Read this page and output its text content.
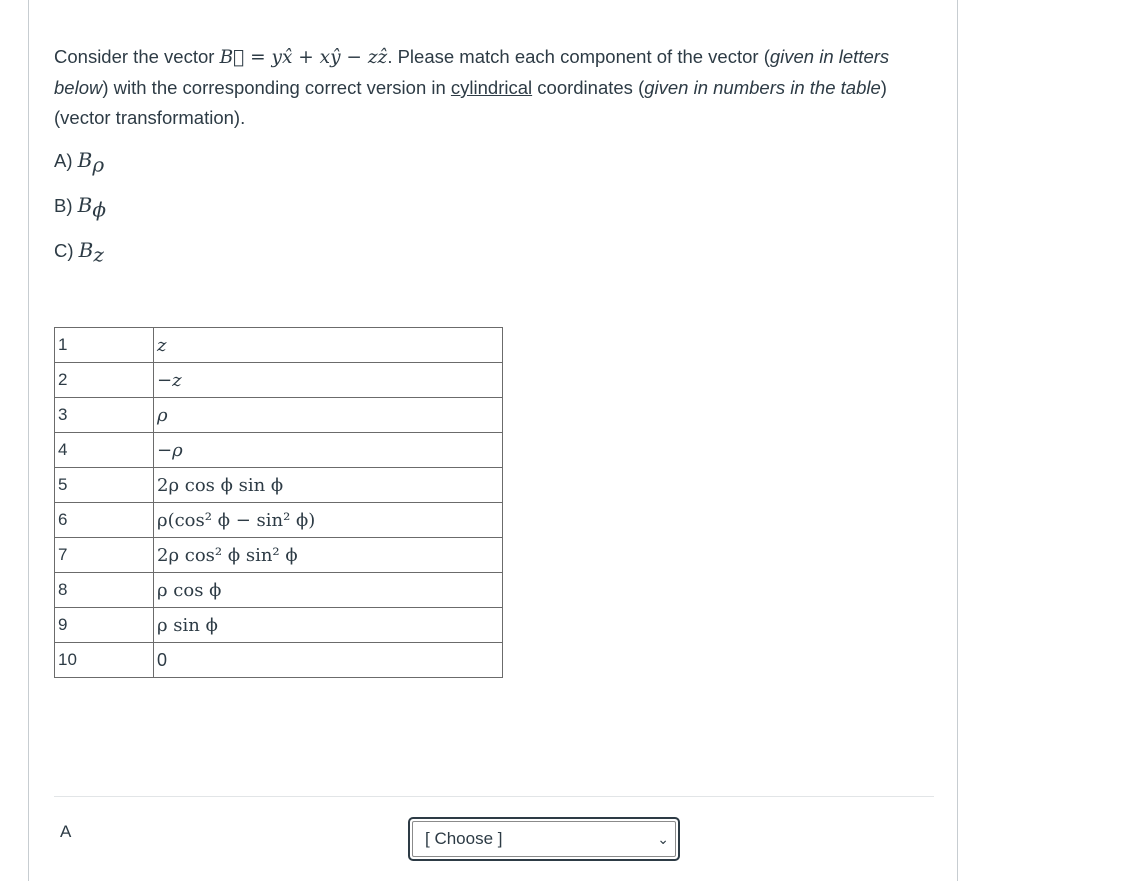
Consider the vector B⃗ = yx̂ + xŷ − zẑ. Please match each component of the vector (given in letters below) with the corresponding correct version in cylindrical coordinates (given in numbers in the table) (vector transformation).
A) $B_\rho$
B) $B_\phi$
C) $B_z$
1	z
2	−z
3	ρ
4	−ρ
5	2ρ cos ϕ sin ϕ
6	ρ(cos² ϕ − sin² ϕ)
7	2ρ cos² ϕ sin² ϕ
8	ρ cos ϕ
9	ρ sin ϕ
10	0
A	[ Choose ]	⌄
